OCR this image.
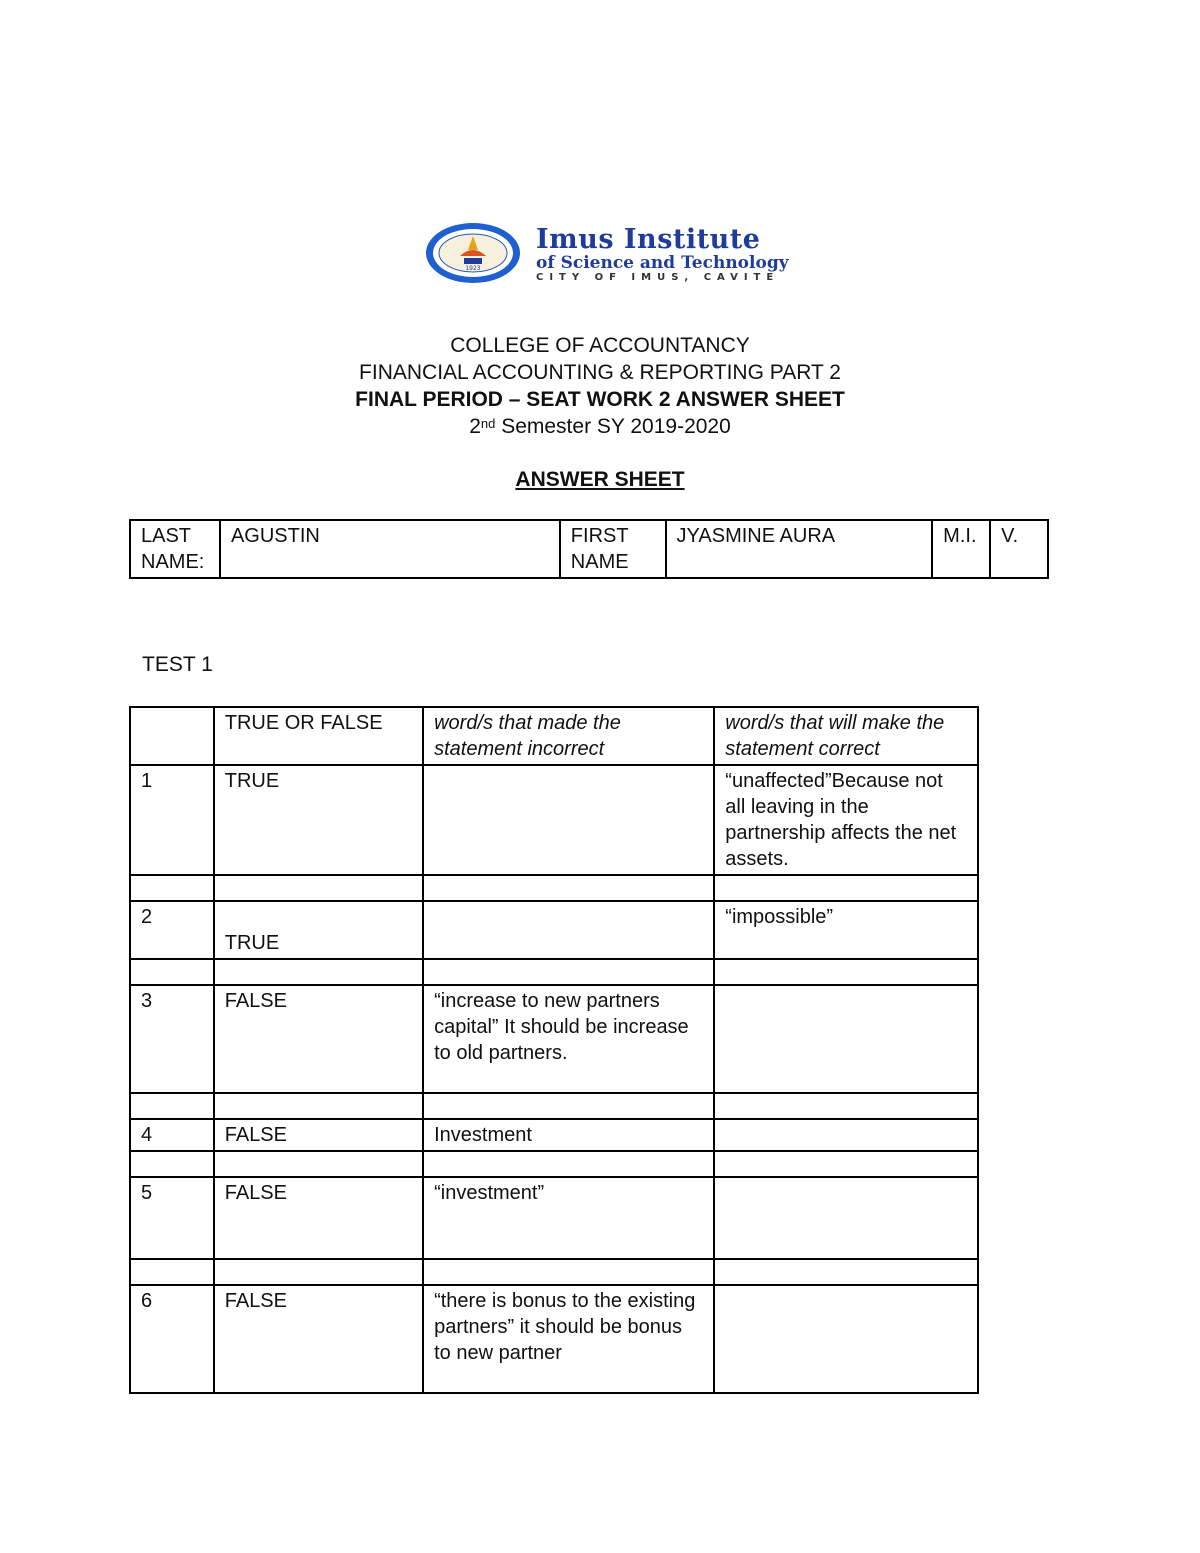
1923
Imus Institute
of Science and Technology
CITY OF IMUS, CAVITE
COLLEGE OF ACCOUNTANCY
FINANCIAL ACCOUNTING & REPORTING PART 2
FINAL PERIOD – SEAT WORK 2 ANSWER SHEET
2nd Semester SY 2019-2020
ANSWER SHEET
LAST NAME:	AGUSTIN	FIRST NAME	JYASMINE AURA	M.I.	V.
TEST 1
	TRUE OR FALSE	word/s that made the statement incorrect	word/s that will make the statement correct
1	TRUE		“unaffected”Because not all leaving in the partnership affects the net assets.

2	TRUE		“impossible”

3	FALSE	“increase to new partners capital” It should be increase to old partners.	

4	FALSE	Investment	

5	FALSE	“investment”	

6	FALSE	“there is bonus to the existing partners” it should be bonus to new partner	
